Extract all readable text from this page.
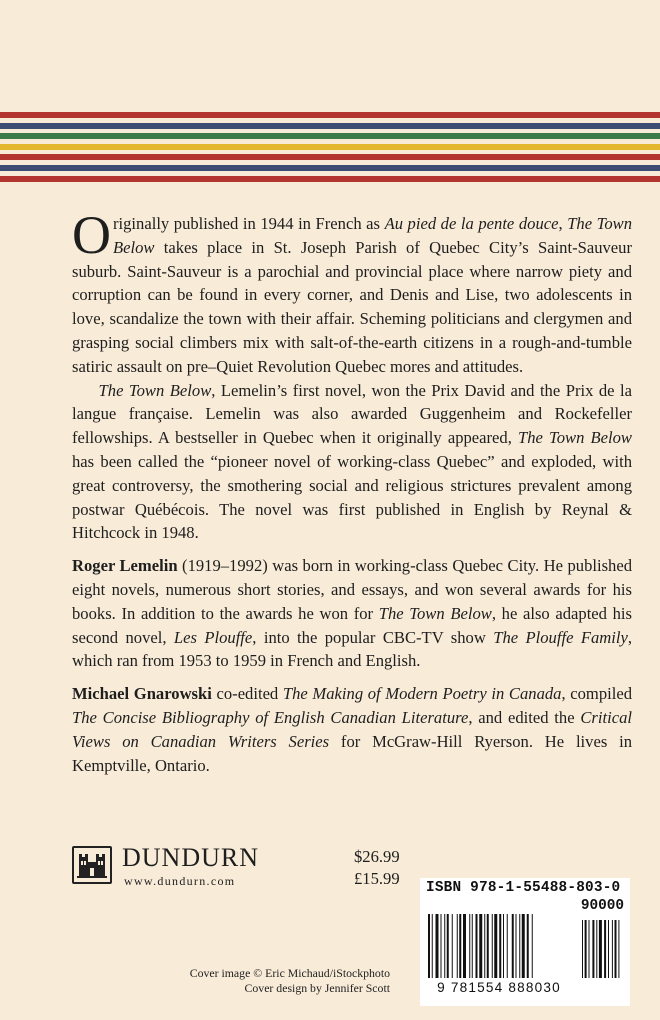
Originally published in 1944 in French as Au pied de la pente douce, The Town Below takes place in St. Joseph Parish of Quebec City’s Saint-Sauveur suburb. Saint-Sauveur is a parochial and provincial place where narrow piety and corruption can be found in every corner, and Denis and Lise, two adolescents in love, scandalize the town with their affair. Scheming politicians and clergymen and grasping social climbers mix with salt-of-the-earth citizens in a rough-and-tumble satiric assault on pre–Quiet Revolution Quebec mores and attitudes.

The Town Below, Lemelin’s first novel, won the Prix David and the Prix de la langue française. Lemelin was also awarded Guggenheim and Rockefeller fellowships. A bestseller in Quebec when it originally appeared, The Town Below has been called the “pioneer novel of working-class Quebec” and exploded, with great controversy, the smothering social and religious strictures prevalent among postwar Québécois. The novel was first published in English by Reynal & Hitchcock in 1948.

Roger Lemelin (1919–1992) was born in working-class Quebec City. He published eight novels, numerous short stories, and essays, and won several awards for his books. In addition to the awards he won for The Town Below, he also adapted his second novel, Les Plouffe, into the popular CBC-TV show The Plouffe Family, which ran from 1953 to 1959 in French and English.

Michael Gnarowski co-edited The Making of Modern Poetry in Canada, compiled The Concise Bibliography of English Canadian Literature, and edited the Critical Views on Canadian Writers Series for McGraw-Hill Ryerson. He lives in Kemptville, Ontario.

DUNDURN
www.dundurn.com
$26.99
£15.99 ISBN 978-1-55488-803-0
90000
9 781554 888030
Cover image © Eric Michaud/iStockphoto
Cover design by Jennifer Scott
